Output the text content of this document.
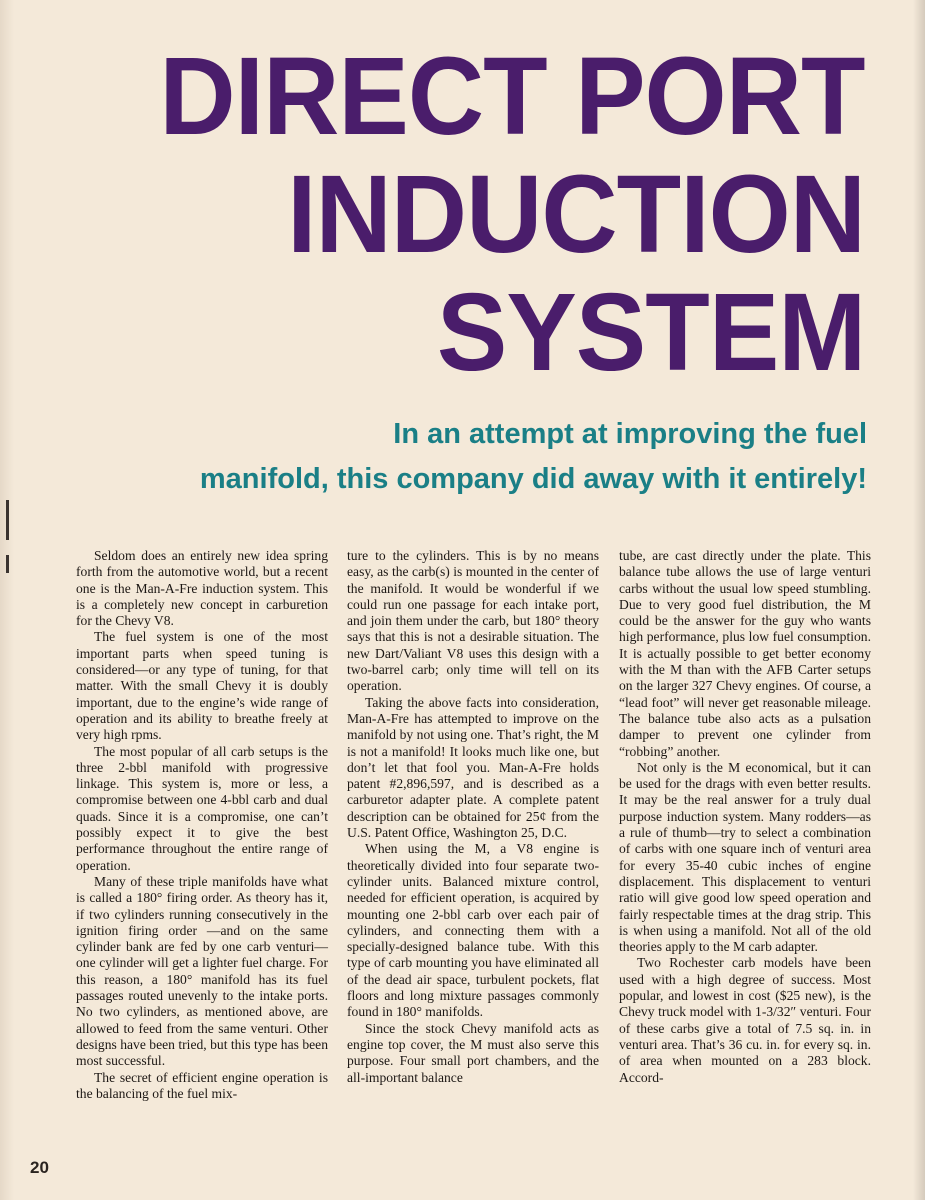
DIRECT PORT
INDUCTION
SYSTEM
In an attempt at improving the fuel
manifold, this company did away with it entirely!

Seldom does an entirely new idea spring forth from the automotive world, but a recent one is the Man-A-Fre induction system. This is a completely new concept in carburetion for the Chevy V8.

The fuel system is one of the most important parts when speed tuning is considered—or any type of tuning, for that matter. With the small Chevy it is doubly important, due to the engine’s wide range of operation and its ability to breathe freely at very high rpms.

The most popular of all carb setups is the three 2-bbl manifold with progressive linkage. This system is, more or less, a compromise between one 4-bbl carb and dual quads. Since it is a compromise, one can’t possibly expect it to give the best performance throughout the entire range of operation.

Many of these triple manifolds have what is called a 180° firing order. As theory has it, if two cylinders running consecutively in the ignition firing order —and on the same cylinder bank are fed by one carb venturi—one cylinder will get a lighter fuel charge. For this reason, a 180° manifold has its fuel passages routed unevenly to the intake ports. No two cylinders, as mentioned above, are allowed to feed from the same venturi. Other designs have been tried, but this type has been most successful.

The secret of efficient engine operation is the balancing of the fuel mix-

ture to the cylinders. This is by no means easy, as the carb(s) is mounted in the center of the manifold. It would be wonderful if we could run one passage for each intake port, and join them under the carb, but 180° theory says that this is not a desirable situation. The new Dart/Valiant V8 uses this design with a two-barrel carb; only time will tell on its operation.

Taking the above facts into consideration, Man-A-Fre has attempted to improve on the manifold by not using one. That’s right, the M is not a manifold! It looks much like one, but don’t let that fool you. Man-A-Fre holds patent #2,896,597, and is described as a carburetor adapter plate. A complete patent description can be obtained for 25¢ from the U.S. Patent Office, Washington 25, D.C.

When using the M, a V8 engine is theoretically divided into four separate two-cylinder units. Balanced mixture control, needed for efficient operation, is acquired by mounting one 2-bbl carb over each pair of cylinders, and connecting them with a specially-designed balance tube. With this type of carb mounting you have eliminated all of the dead air space, turbulent pockets, flat floors and long mixture passages commonly found in 180° manifolds.

Since the stock Chevy manifold acts as engine top cover, the M must also serve this purpose. Four small port chambers, and the all-important balance

tube, are cast directly under the plate. This balance tube allows the use of large venturi carbs without the usual low speed stumbling. Due to very good fuel distribution, the M could be the answer for the guy who wants high performance, plus low fuel consumption. It is actually possible to get better economy with the M than with the AFB Carter setups on the larger 327 Chevy engines. Of course, a “lead foot” will never get reasonable mileage. The balance tube also acts as a pulsation damper to prevent one cylinder from “robbing” another.

Not only is the M economical, but it can be used for the drags with even better results. It may be the real answer for a truly dual purpose induction system. Many rodders—as a rule of thumb—try to select a combination of carbs with one square inch of venturi area for every 35-40 cubic inches of engine displacement. This displacement to venturi ratio will give good low speed operation and fairly respectable times at the drag strip. This is when using a manifold. Not all of the old theories apply to the M carb adapter.

Two Rochester carb models have been used with a high degree of success. Most popular, and lowest in cost ($25 new), is the Chevy truck model with 1-3/32″ venturi. Four of these carbs give a total of 7.5 sq. in. in venturi area. That’s 36 cu. in. for every sq. in. of area when mounted on a 283 block. Accord-

20
